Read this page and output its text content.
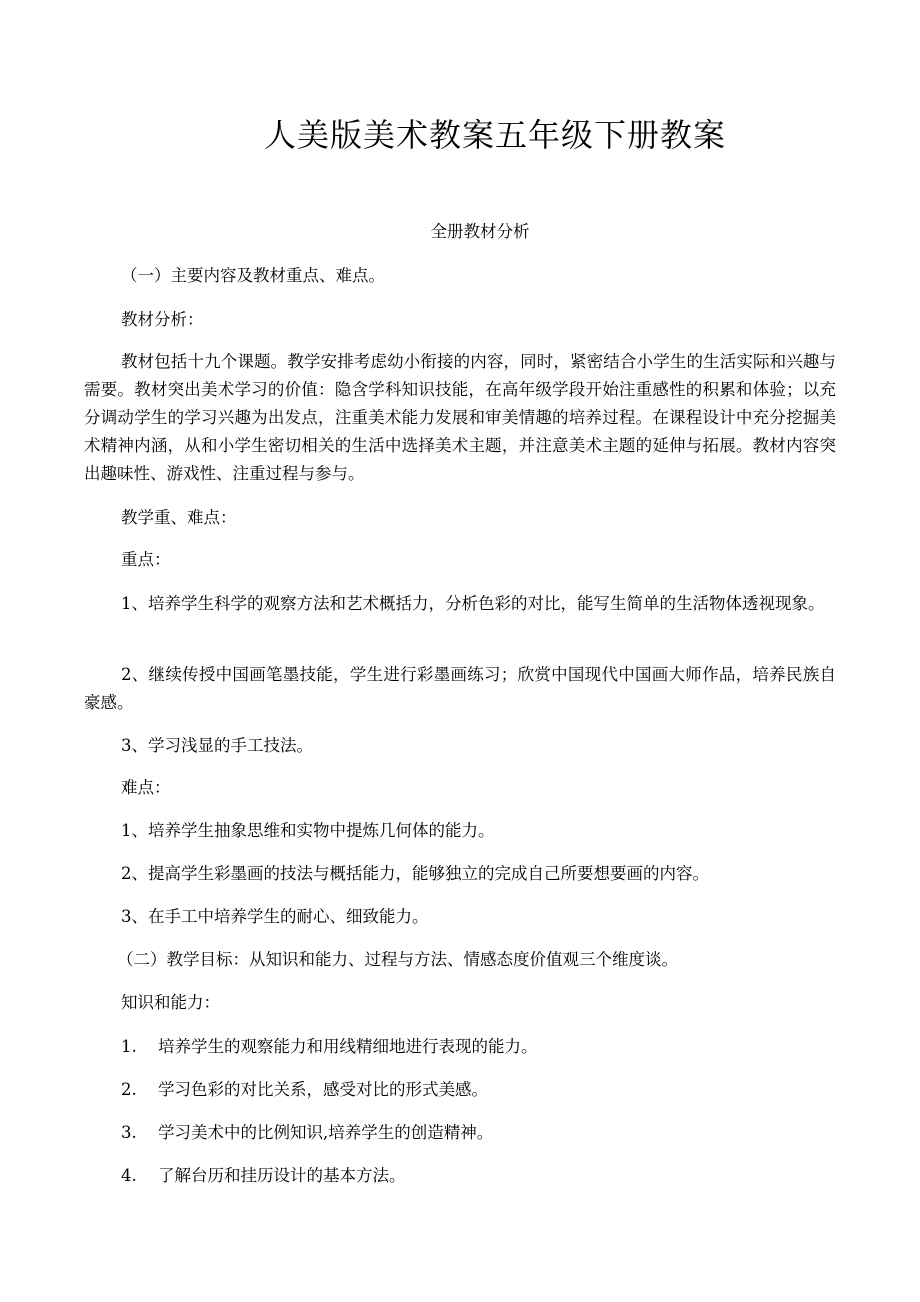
人美版美术教案五年级下册教案
全册教材分析
（一）主要内容及教材重点、难点。
教材分析：
教材包括十九个课题。教学安排考虑幼小衔接的内容，同时，紧密结合小学生的生活实际和兴趣与需要。教材突出美术学习的价值：隐含学科知识技能，在高年级学段开始注重感性的积累和体验；以充分调动学生的学习兴趣为出发点，注重美术能力发展和审美情趣的培养过程。在课程设计中充分挖掘美术精神内涵，从和小学生密切相关的生活中选择美术主题，并注意美术主题的延伸与拓展。教材内容突出趣味性、游戏性、注重过程与参与。
教学重、难点：
重点：
1、培养学生科学的观察方法和艺术概括力，分析色彩的对比，能写生简单的生活物体透视现象。
2、继续传授中国画笔墨技能，学生进行彩墨画练习；欣赏中国现代中国画大师作品，培养民族自豪感。
3、学习浅显的手工技法。
难点：
1、培养学生抽象思维和实物中提炼几何体的能力。
2、提高学生彩墨画的技法与概括能力，能够独立的完成自己所要想要画的内容。
3、在手工中培养学生的耐心、细致能力。
（二）教学目标：从知识和能力、过程与方法、情感态度价值观三个维度谈。
知识和能力：
1. 培养学生的观察能力和用线精细地进行表现的能力。
2. 学习色彩的对比关系，感受对比的形式美感。
3. 学习美术中的比例知识,培养学生的创造精神。
4. 了解台历和挂历设计的基本方法。
